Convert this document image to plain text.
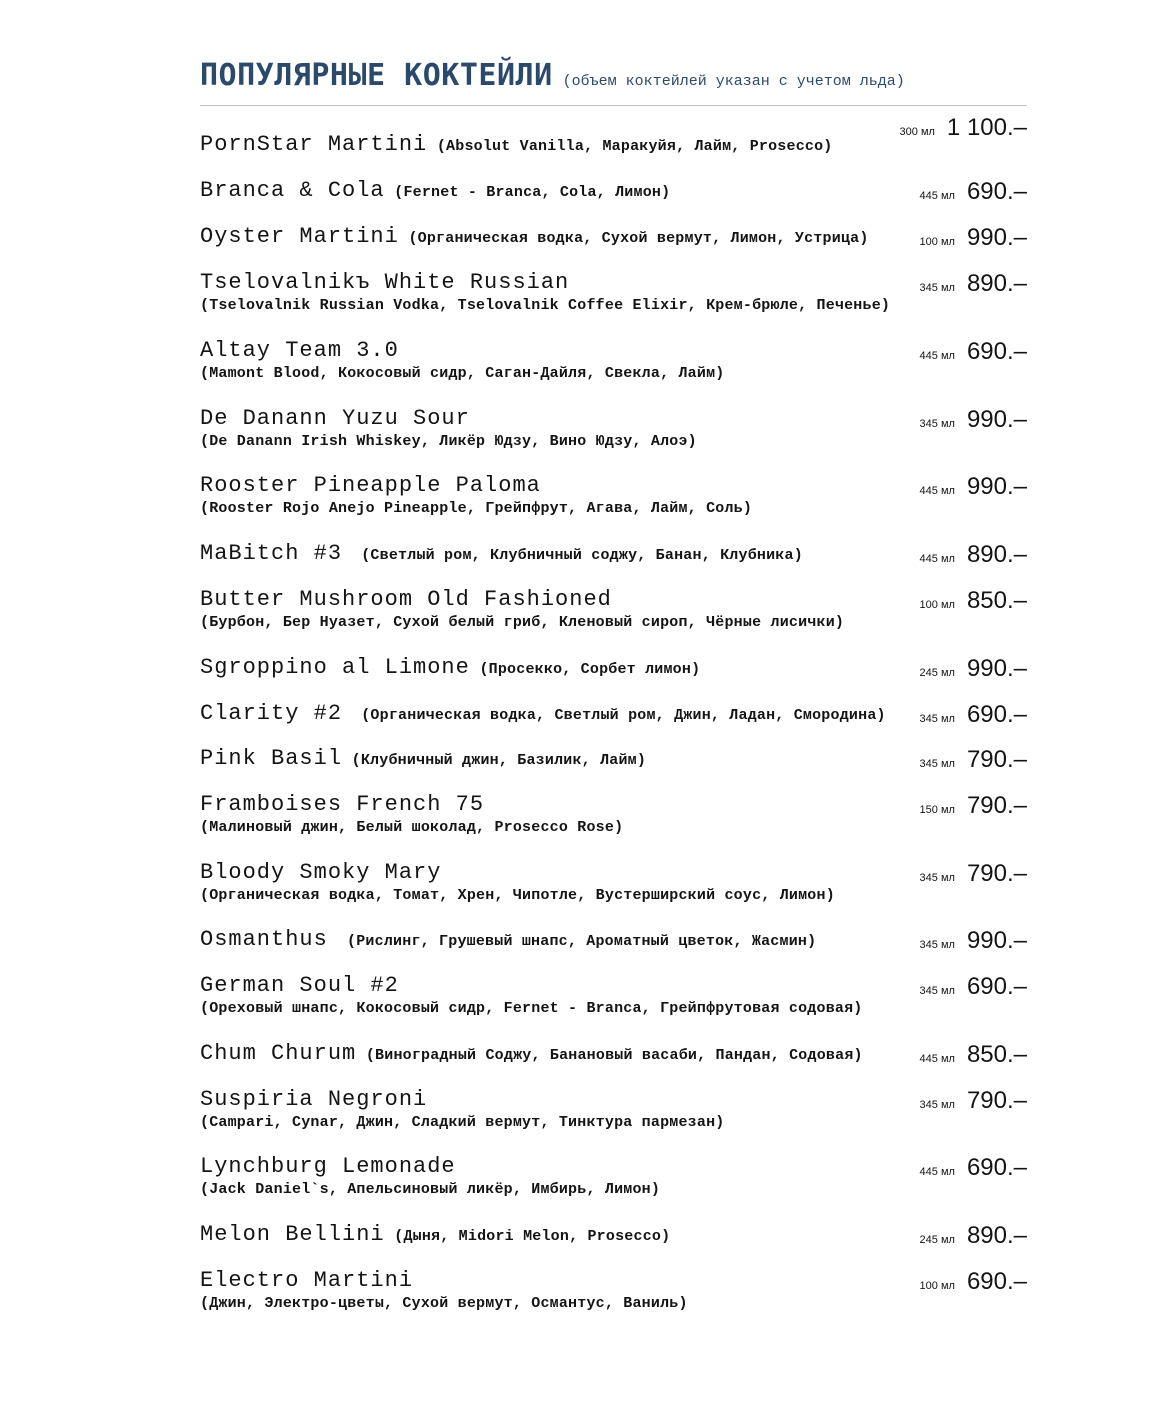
ПОПУЛЯРНЫЕ КОКТЕЙЛИ (объем коктейлей указан с учетом льда)
PornStar Martini (Absolut Vanilla, Маракуйя, Лайм, Prosecco)
300 мл 1 100.–
Branca & Cola (Fernet - Branca, Cola, Лимон)	445 мл 690.–
Oyster Martini (Органическая водка, Сухой вермут, Лимон, Устрица)	100 мл 990.–
Tselovalnikъ White Russian
(Tselovalnik Russian Vodka, Tselovalnik Coffee Elixir, Крем-брюле, Печенье)
345 мл 890.–
Altay Team 3.0
(Mamont Blood, Кокосовый сидр, Саган-Дайля, Свекла, Лайм)
445 мл 690.–
De Danann Yuzu Sour
(De Danann Irish Whiskey, Ликёр Юдзу, Вино Юдзу, Алоэ)
345 мл 990.–
Rooster Pineapple Paloma
(Rooster Rojo Anejo Pineapple, Грейпфрут, Агава, Лайм, Соль)
445 мл 990.–
MaBitch #3 (Светлый ром, Клубничный соджу, Банан, Клубника)	445 мл 890.–
Butter Mushroom Old Fashioned
(Бурбон, Бер Нуазет, Сухой белый гриб, Кленовый сироп, Чёрные лисички)
100 мл 850.–
Sgroppino al Limone (Просекко, Сорбет лимон)	245 мл 990.–
Clarity #2 (Органическая водка, Светлый ром, Джин, Ладан, Смородина)	345 мл 690.–
Pink Basil (Клубничный джин, Базилик, Лайм)	345 мл 790.–
Framboises French 75
(Малиновый джин, Белый шоколад, Prosecco Rose)
150 мл 790.–
Bloody Smoky Mary
(Органическая водка, Томат, Хрен, Чипотле, Вустерширский соус, Лимон)
345 мл 790.–
Osmanthus (Рислинг, Грушевый шнапс, Ароматный цветок, Жасмин)	345 мл 990.–
German Soul #2
(Ореховый шнапс, Кокосовый сидр, Fernet - Branca, Грейпфрутовая содовая)
345 мл 690.–
Chum Churum (Виноградный Соджу, Банановый васаби, Пандан, Содовая)	445 мл 850.–
Suspiria Negroni
(Campari, Cynar, Джин, Сладкий вермут, Тинктура пармезан)
345 мл 790.–
Lynchburg Lemonade
(Jack Daniel`s, Апельсиновый ликёр, Имбирь, Лимон)
445 мл 690.–
Melon Bellini (Дыня, Midori Melon, Prosecco)	245 мл 890.–
Electro Martini
(Джин, Электро-цветы, Сухой вермут, Османтус, Ваниль)
100 мл 690.–
